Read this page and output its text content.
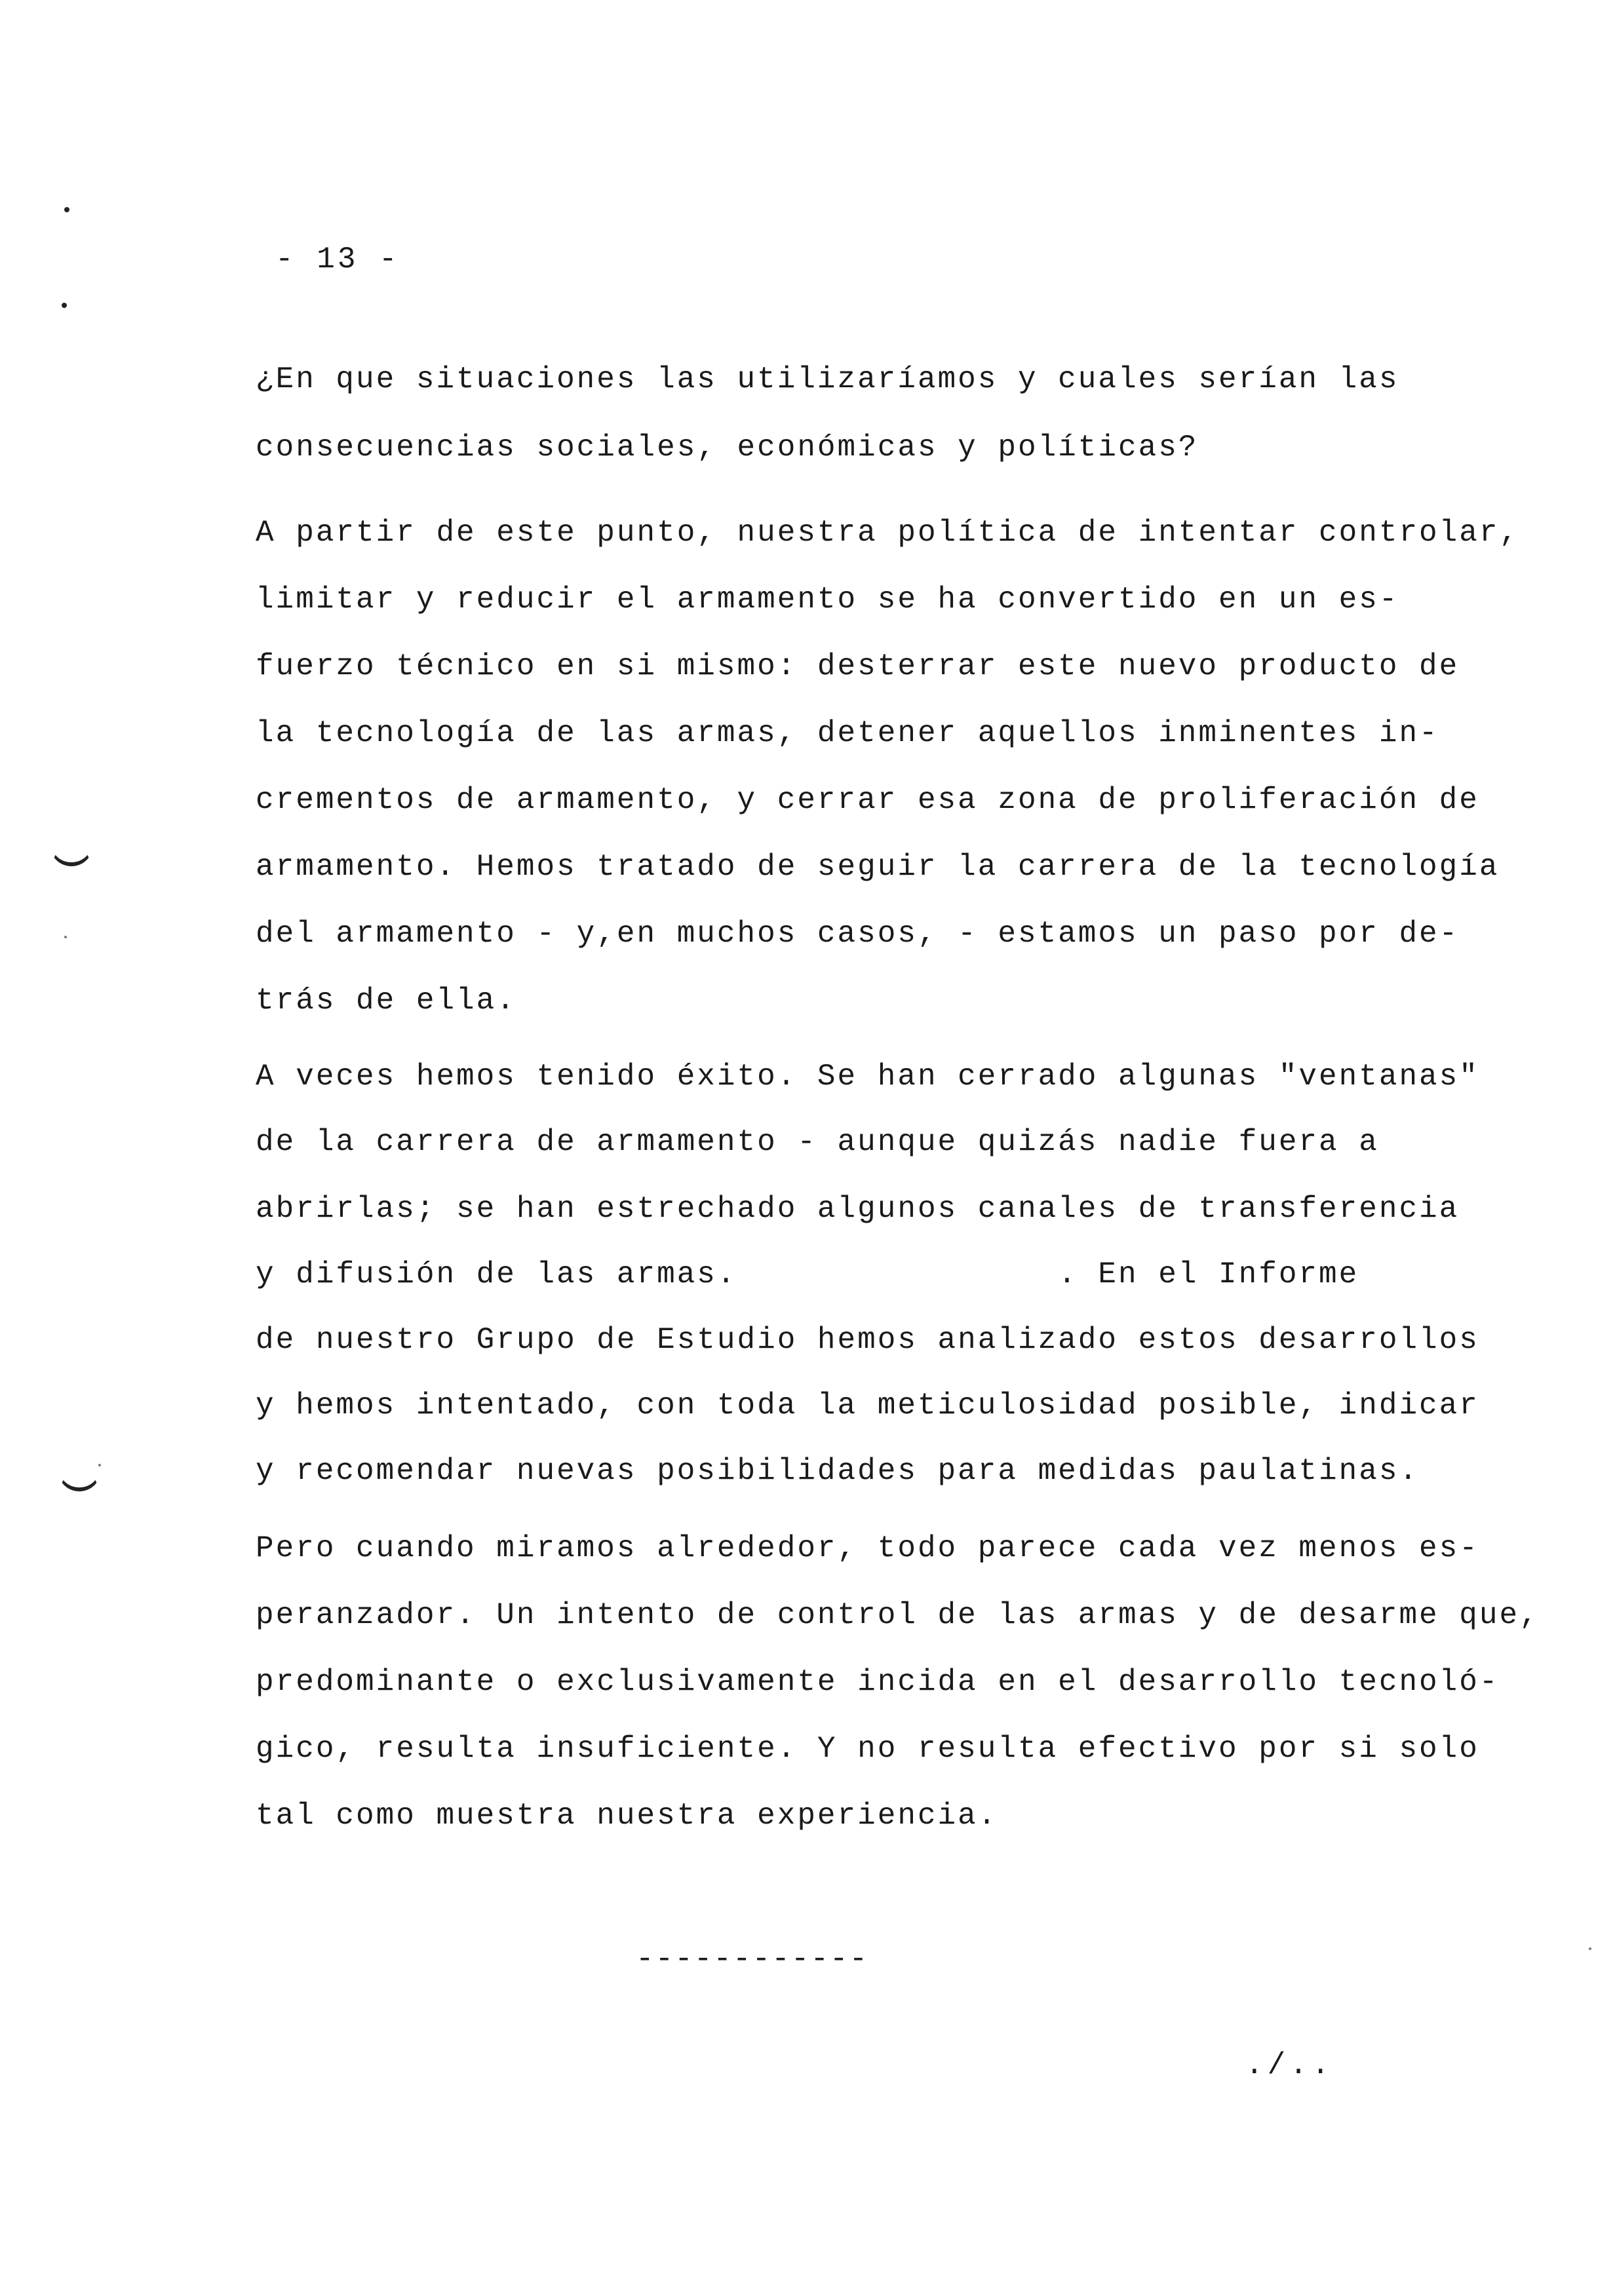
- 13 -
¿En que situaciones las utilizaríamos y cuales serían las
consecuencias sociales, económicas y políticas?
A partir de este punto, nuestra política de intentar controlar,
limitar y reducir el armamento se ha convertido en un es-
fuerzo técnico en si mismo: desterrar este nuevo producto de
la tecnología de las armas, detener aquellos inminentes in-
crementos de armamento, y cerrar esa zona de proliferación de
armamento. Hemos tratado de seguir la carrera de la tecnología
del armamento - y,en muchos casos, - estamos un paso por de-
trás de ella.
A veces hemos tenido éxito. Se han cerrado algunas "ventanas"
de la carrera de armamento - aunque quizás nadie fuera a
abrirlas; se han estrechado algunos canales de transferencia
y difusión de las armas.                . En el Informe
de nuestro Grupo de Estudio hemos analizado estos desarrollos
y hemos intentado, con toda la meticulosidad posible, indicar
y recomendar nuevas posibilidades para medidas paulatinas.
Pero cuando miramos alrededor, todo parece cada vez menos es-
peranzador. Un intento de control de las armas y de desarme que,
predominante o exclusivamente incida en el desarrollo tecnoló-
gico, resulta insuficiente. Y no resulta efectivo por si solo
tal como muestra nuestra experiencia.
------------
./..
